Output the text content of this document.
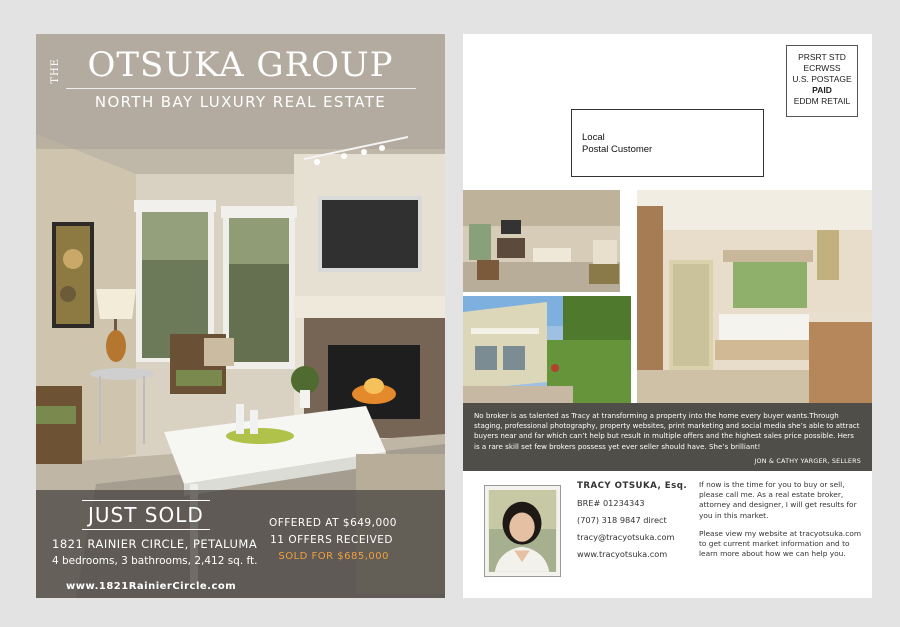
THE OTSUKA GROUP
NORTH BAY LUXURY REAL ESTATE
JUST SOLD
1821 RAINIER CIRCLE, PETALUMA
4 bedrooms, 3 bathrooms, 2,412 sq. ft.
www.1821RainierCircle.com
OFFERED AT $649,000
11 OFFERS RECEIVED
SOLD FOR $685,000
PRSRT STD
ECRWSS
U.S. POSTAGE
PAID
EDDM RETAIL
Local
Postal Customer

No broker is as talented as Tracy at transforming a property into the home every buyer wants.Through staging, professional photography, property websites, print marketing and social media she’s able to attract buyers near and far which can’t help but result in multiple offers and the highest sales price possible. Hers is a rare skill set few brokers possess yet ever seller should have. She’s brilliant!

JON & CATHY YARGER, SELLERS
TRACY OTSUKA, Esq.
BRE# 01234343
(707) 318 9847 direct
tracy@tracyotsuka.com
www.tracyotsuka.com

If now is the time for you to buy or sell, please call me. As a real estate broker, attorney and designer, I will get results for you in this market.

Please view my website at tracyotsuka.com to get current market information and to learn more about how we can help you.
